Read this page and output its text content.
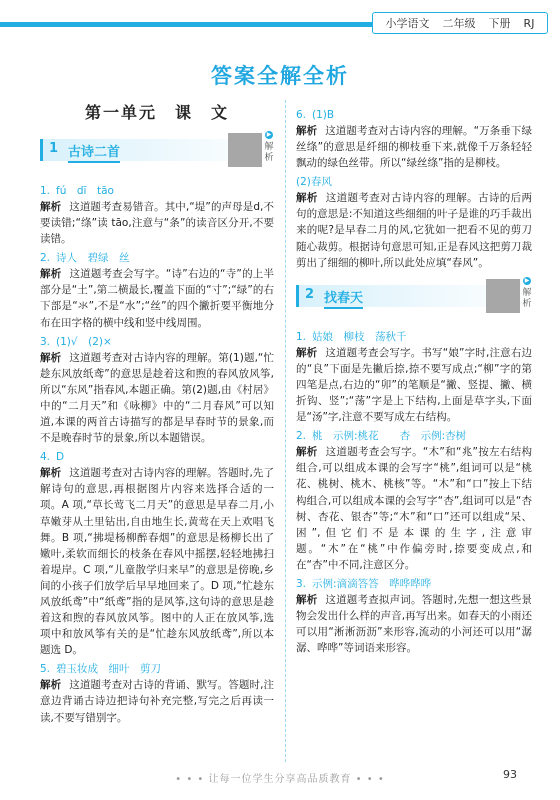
小学语文 二年级 下册 RJ
答案全解全析
第一单元　课　文
1 古诗二首
▶
解析
1. fú　dī　tāo
解析 这道题考查易错音。其中,“堤”的声母是d,不要读错;“绦”读 tāo,注意与“条”的读音区分开,不要读错。
2. 诗人　碧绿　丝
解析 这道题考查会写字。“诗”右边的“寺”的上半部分是“土”,第二横最长,覆盖下面的“寸”;“绿”的右下部是“氺”,不是“水”;“丝”的四个撇折要平衡地分布在田字格的横中线和竖中线周围。
3. (1)√　(2)×
解析 这道题考查对古诗内容的理解。第(1)题,“忙趁东风放纸鸢”的意思是趁着这和煦的春风放风筝,所以“东风”指春风,本题正确。第(2)题,由《村居》中的“二月天”和《咏柳》中的“二月春风”可以知道,本课的两首古诗描写的都是早春时节的景象,而不是晚春时节的景象,所以本题错误。
4. D
解析 这道题考查对古诗内容的理解。答题时,先了解诗句的意思,再根据图片内容来选择合适的一项。A 项,“草长莺飞二月天”的意思是早春二月,小草嫩芽从土里钻出,自由地生长,黄莺在天上欢唱飞舞。B 项,“拂堤杨柳醉春烟”的意思是杨柳长出了嫩叶,柔软而细长的枝条在春风中摇摆,轻轻地拂扫着堤岸。C 项,“儿童散学归来早”的意思是傍晚,乡间的小孩子们放学后早早地回来了。D 项,“忙趁东风放纸鸢”中“纸鸢”指的是风筝,这句诗的意思是趁着这和煦的春风放风筝。图中的人正在放风筝,选项中和放风筝有关的是“忙趁东风放纸鸢”,所以本题选 D。
5. 碧玉妆成　细叶　剪刀
解析 这道题考查对古诗的背诵、默写。答题时,注意边背诵古诗边把诗句补充完整,写完之后再读一读,不要写错别字。
6. (1)B
解析 这道题考查对古诗内容的理解。“万条垂下绿丝绦”的意思是纤细的柳枝垂下来,就像千万条轻轻飘动的绿色丝带。所以“绿丝绦”指的是柳枝。
(2)春风
解析 这道题考查对古诗内容的理解。古诗的后两句的意思是:不知道这些细细的叶子是谁的巧手裁出来的呢?是早春二月的风,它犹如一把看不见的剪刀随心裁剪。根据诗句意思可知,正是春风这把剪刀裁剪出了细细的柳叶,所以此处应填“春风”。
2 找春天
▶
解析
1. 姑娘　柳枝　荡秋千
解析 这道题考查会写字。书写“娘”字时,注意右边的“良”下面是先撇后捺,捺不要写成点;“柳”字的第四笔是点,右边的“卯”的笔顺是“撇、竖提、撇、横折钩、竖”;“荡”字是上下结构,上面是草字头,下面是“汤”字,注意不要写成左右结构。
2. 桃　示例:桃花　　杏　示例:杏树
解析 这道题考查会写字。“木”和“兆”按左右结构组合,可以组成本课的会写字“桃”,组词可以是“桃花、桃树、桃木、桃核”等。“木”和“口”按上下结构组合,可以组成本课的会写字“杏”,组词可以是“杏树、杏花、银杏”等;“木”和“口”还可以组成“呆、困”,但它们不是本课的生字,注意审题。“木”在“桃”中作偏旁时,捺要变成点,和在“杏”中不同,注意区分。
3. 示例:滴滴答答　哗哗哗哗
解析 这道题考查拟声词。答题时,先想一想这些景物会发出什么样的声音,再写出来。如春天的小雨还可以用“淅淅沥沥”来形容,流动的小河还可以用“潺潺、哗哗”等词语来形容。
• • • 让每一位学生分享高品质教育 • • •	93
